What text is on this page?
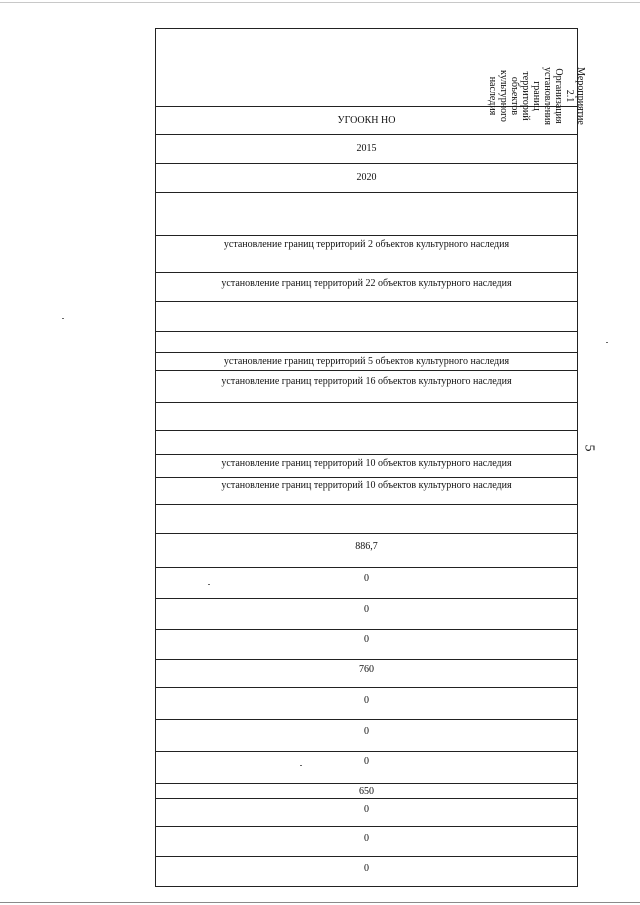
УГООКН НО
2015
2020
установление границ территорий 2 объектов культурного наследия
установление границ территорий 22 объектов культурного наследия
установление границ территорий 5 объектов культурного наследия
установление границ территорий 16 объектов культурного наследия
установление границ территорий 10 объектов культурного наследия
установление границ территорий 10 объектов культурного наследия
886,7
0
0
0
760
0
0
0
650
0
0
0
Мероприятие
2.1
Организация
установления
границ
территорий
объектов
культурного
наследия
5
